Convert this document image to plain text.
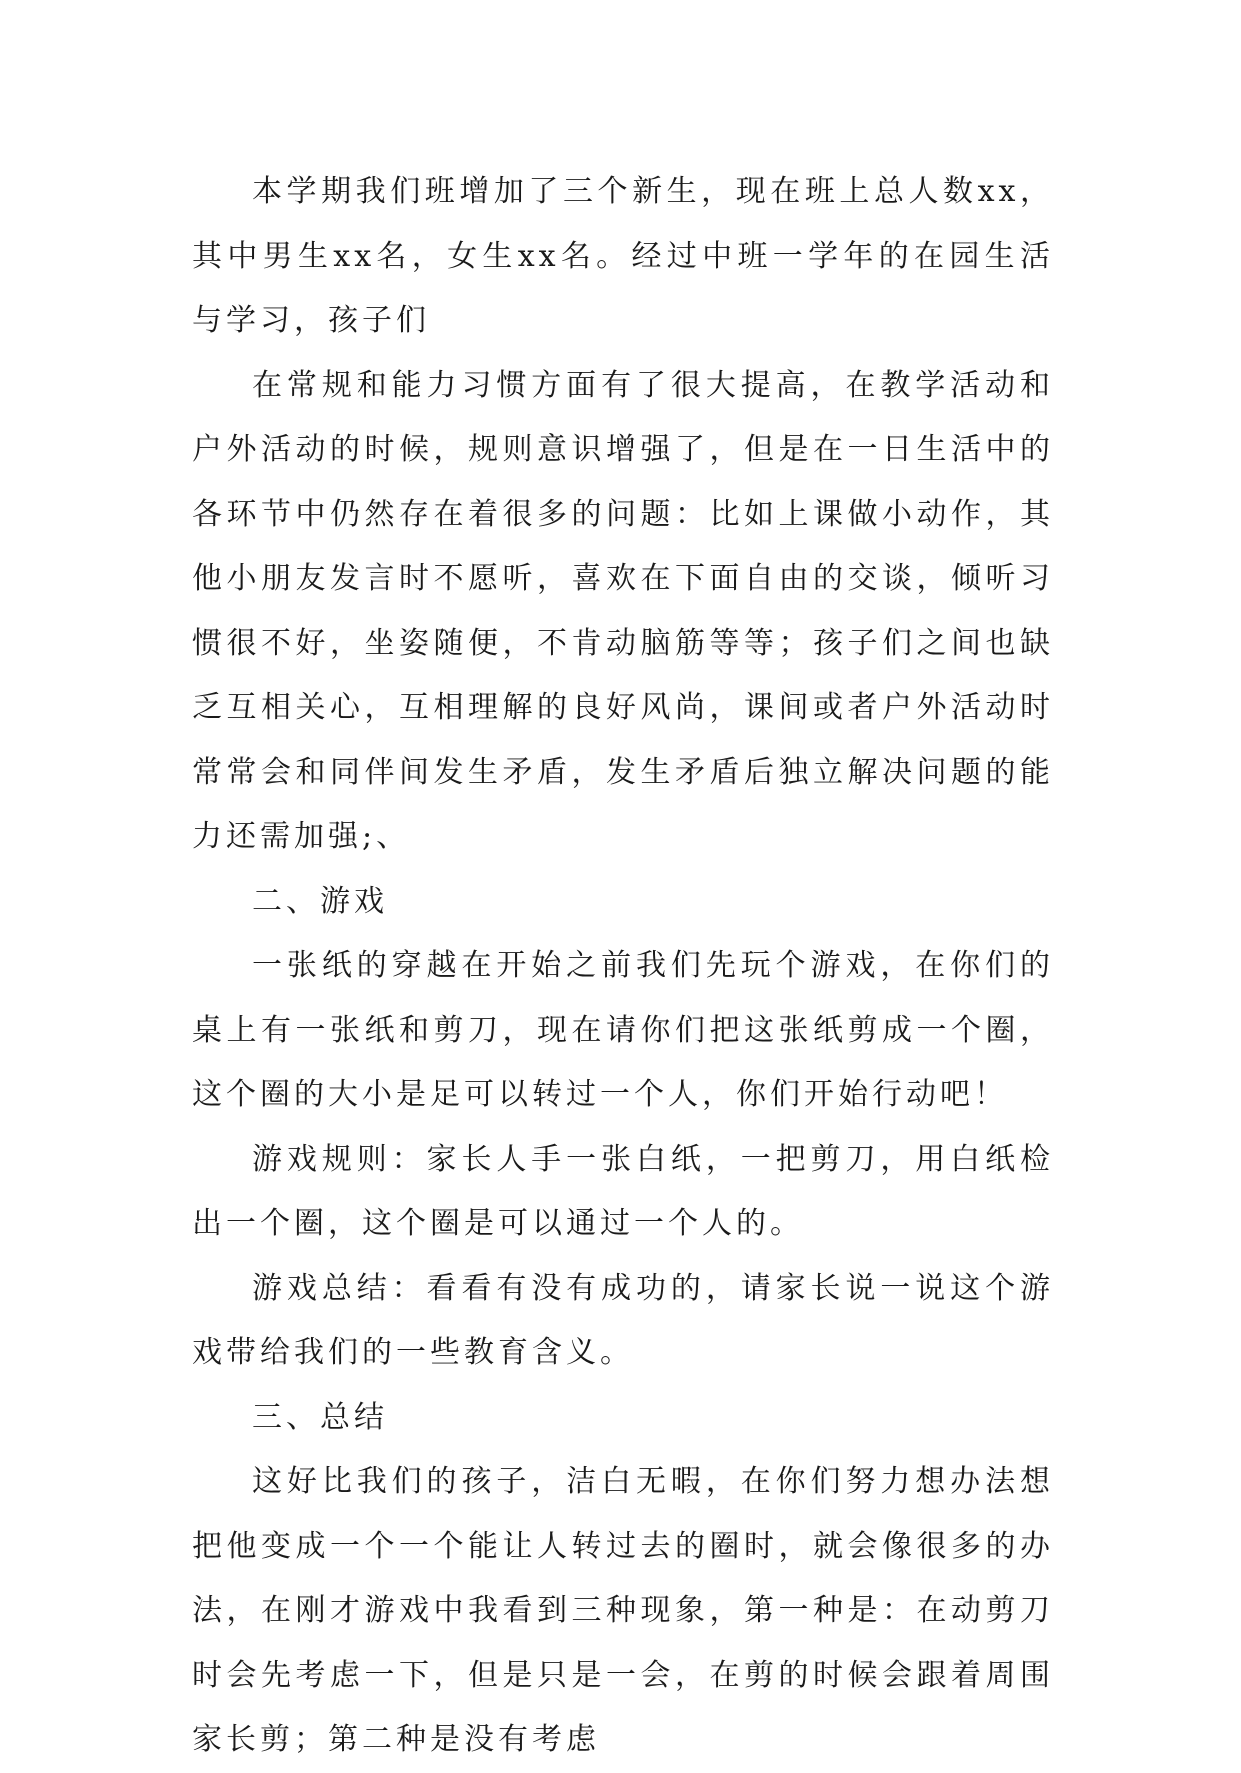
本学期我们班增加了三个新生，现在班上总人数xx，其中男生xx名，女生xx名。经过中班一学年的在园生活与学习，孩子们

在常规和能力习惯方面有了很大提高，在教学活动和户外活动的时候，规则意识增强了，但是在一日生活中的各环节中仍然存在着很多的问题：比如上课做小动作，其他小朋友发言时不愿听，喜欢在下面自由的交谈，倾听习惯很不好，坐姿随便，不肯动脑筋等等；孩子们之间也缺乏互相关心，互相理解的良好风尚，课间或者户外活动时常常会和同伴间发生矛盾，发生矛盾后独立解决问题的能力还需加强;、

二、游戏

一张纸的穿越在开始之前我们先玩个游戏，在你们的桌上有一张纸和剪刀，现在请你们把这张纸剪成一个圈，这个圈的大小是足可以转过一个人，你们开始行动吧！

游戏规则：家长人手一张白纸，一把剪刀，用白纸检出一个圈，这个圈是可以通过一个人的。

游戏总结：看看有没有成功的，请家长说一说这个游戏带给我们的一些教育含义。

三、总结

这好比我们的孩子，洁白无暇，在你们努力想办法想把他变成一个一个能让人转过去的圈时，就会像很多的办法，在刚才游戏中我看到三种现象，第一种是：在动剪刀时会先考虑一下，但是只是一会，在剪的时候会跟着周围家长剪；第二种是没有考虑
